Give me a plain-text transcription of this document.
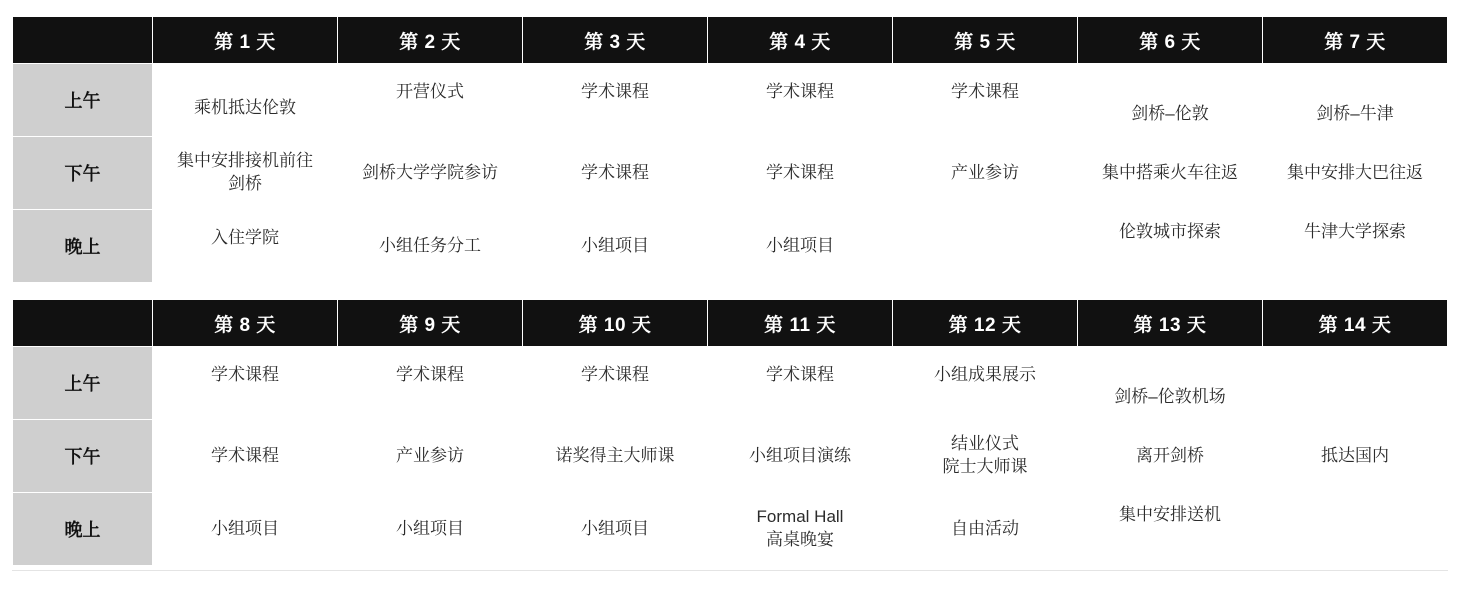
	第 1 天	第 2 天	第 3 天	第 4 天	第 5 天	第 6 天	第 7 天
上午	乘机抵达伦敦	开营仪式	学术课程	学术课程	学术课程	剑桥–伦敦	剑桥–牛津

下午	集中安排接机前往
剑桥	剑桥大学学院参访	学术课程	学术课程	产业参访	集中搭乘火车往返	集中安排大巴往返

晚上	入住学院	小组任务分工	小组项目	小组项目		伦敦城市探索	牛津大学探索
	第 8 天	第 9 天	第 10 天	第 11 天	第 12 天	第 13 天	第 14 天
上午	学术课程	学术课程	学术课程	学术课程	小组成果展示	剑桥–伦敦机场	

下午	学术课程	产业参访	诺奖得主大师课	小组项目演练	结业仪式
院士大师课	离开剑桥	抵达国内

晚上	小组项目	小组项目	小组项目	Formal Hall
高桌晚宴	自由活动	集中安排送机	
